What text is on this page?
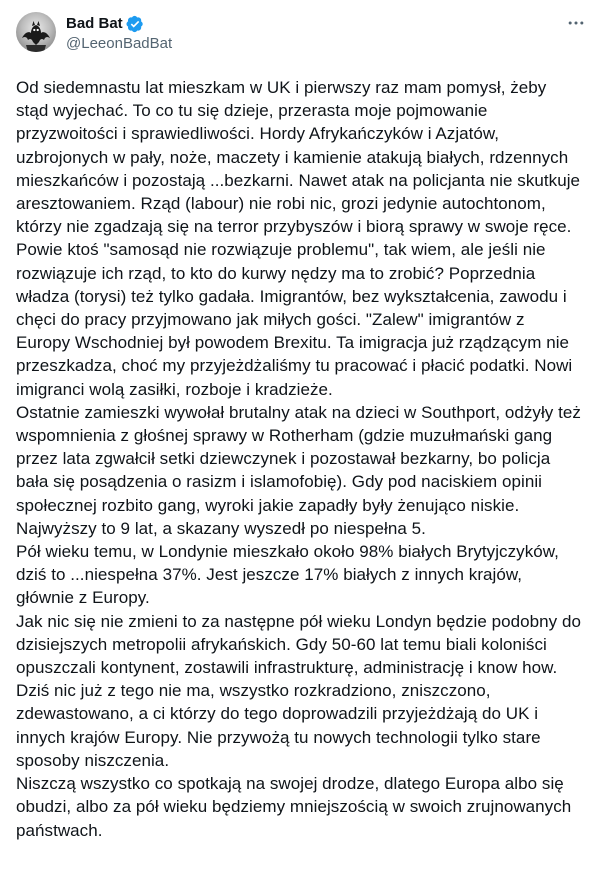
Bad Bat
@LeeonBadBat
Od siedemnastu lat mieszkam w UK i pierwszy raz mam pomysł, żeby stąd wyjechać. To co tu się dzieje, przerasta moje pojmowanie przyzwoitości i sprawiedliwości. Hordy Afrykańczyków i Azjatów, uzbrojonych w pały, noże, maczety i kamienie atakują białych, rdzennych mieszkańców i pozostają ...bezkarni. Nawet atak na policjanta nie skutkuje aresztowaniem. Rząd (labour) nie robi nic, grozi jedynie autochtonom, którzy nie zgadzają się na terror przybyszów i biorą sprawy w swoje ręce. Powie ktoś "samosąd nie rozwiązuje problemu", tak wiem, ale jeśli nie rozwiązuje ich rząd, to kto do kurwy nędzy ma to zrobić? Poprzednia władza (torysi) też tylko gadała. Imigrantów, bez wykształcenia, zawodu i chęci do pracy przyjmowano jak miłych gości. "Zalew" imigrantów z Europy Wschodniej był powodem Brexitu. Ta imigracja już rządzącym nie przeszkadza, choć my przyjeżdżaliśmy tu pracować i płacić podatki. Nowi imigranci wolą zasiłki, rozboje i kradzieże.
Ostatnie zamieszki wywołał brutalny atak na dzieci w Southport, odżyły też wspomnienia z głośnej sprawy w Rotherham (gdzie muzułmański gang przez lata zgwałcił setki dziewczynek i pozostawał bezkarny, bo policja bała się posądzenia o rasizm i islamofobię). Gdy pod naciskiem opinii społecznej rozbito gang, wyroki jakie zapadły były żenująco niskie. Najwyższy to 9 lat, a skazany wyszedł po niespełna 5.
Pół wieku temu, w Londynie mieszkało około 98% białych Brytyjczyków, dziś to ...niespełna 37%. Jest jeszcze 17% białych z innych krajów, głównie z Europy.
Jak nic się nie zmieni to za następne pół wieku Londyn będzie podobny do dzisiejszych metropolii afrykańskich. Gdy 50-60 lat temu biali koloniści opuszczali kontynent, zostawili infrastrukturę, administrację i know how. Dziś nic już z tego nie ma, wszystko rozkradziono, zniszczono, zdewastowano, a ci którzy do tego doprowadzili przyjeżdżają do UK i innych krajów Europy. Nie przywożą tu nowych technologii tylko stare sposoby niszczenia.
Niszczą wszystko co spotkają na swojej drodze, dlatego Europa albo się obudzi, albo za pół wieku będziemy mniejszością w swoich zrujnowanych państwach.
